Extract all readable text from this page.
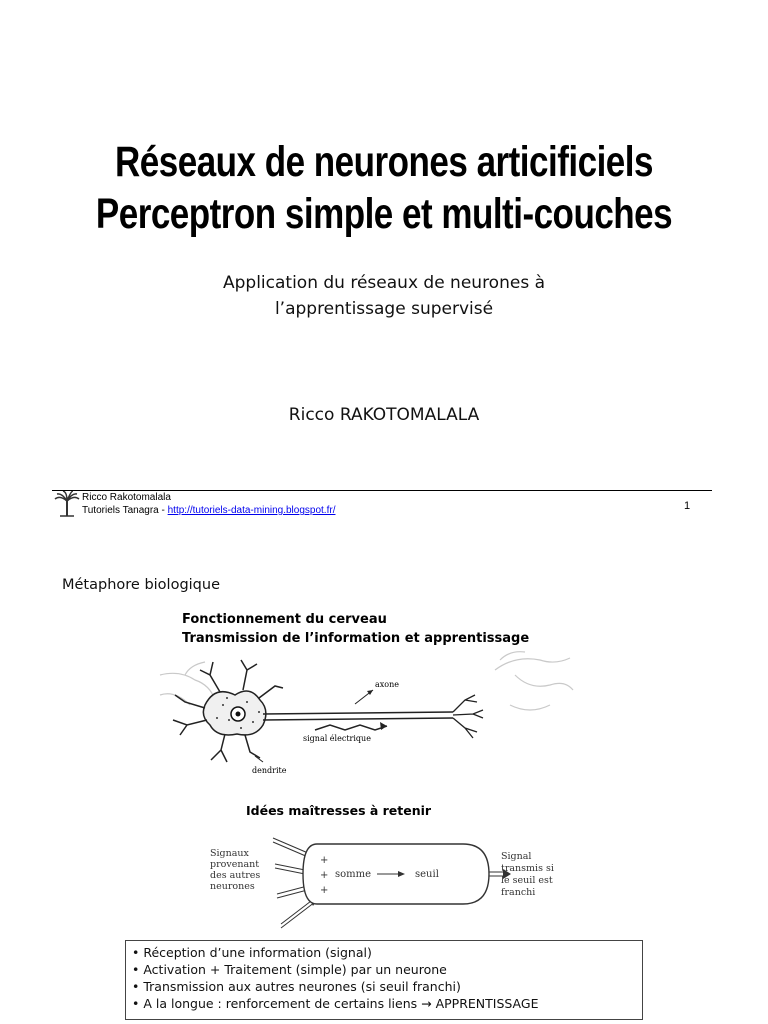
Réseaux de neurones articificiels
Perceptron simple et multi-couches
Application du réseaux de neurones à
l’apprentissage supervisé
Ricco RAKOTOMALALA
Ricco Rakotomalala
Tutoriels Tanagra - http://tutoriels-data-mining.blogspot.fr/	1
Métaphore biologique
Fonctionnement du cerveau
Transmission de l’information et apprentissage
axone
signal électrique
dendrite
Idées maîtresses à retenir
Signaux
provenant
des autres
neurones
+
+
+
somme	seuil
Signal
transmis si
le seuil est
franchi
• Réception d’une information (signal)
• Activation + Traitement (simple) par un neurone
• Transmission aux autres neurones (si seuil franchi)
• A la longue : renforcement de certains liens → APPRENTISSAGE
